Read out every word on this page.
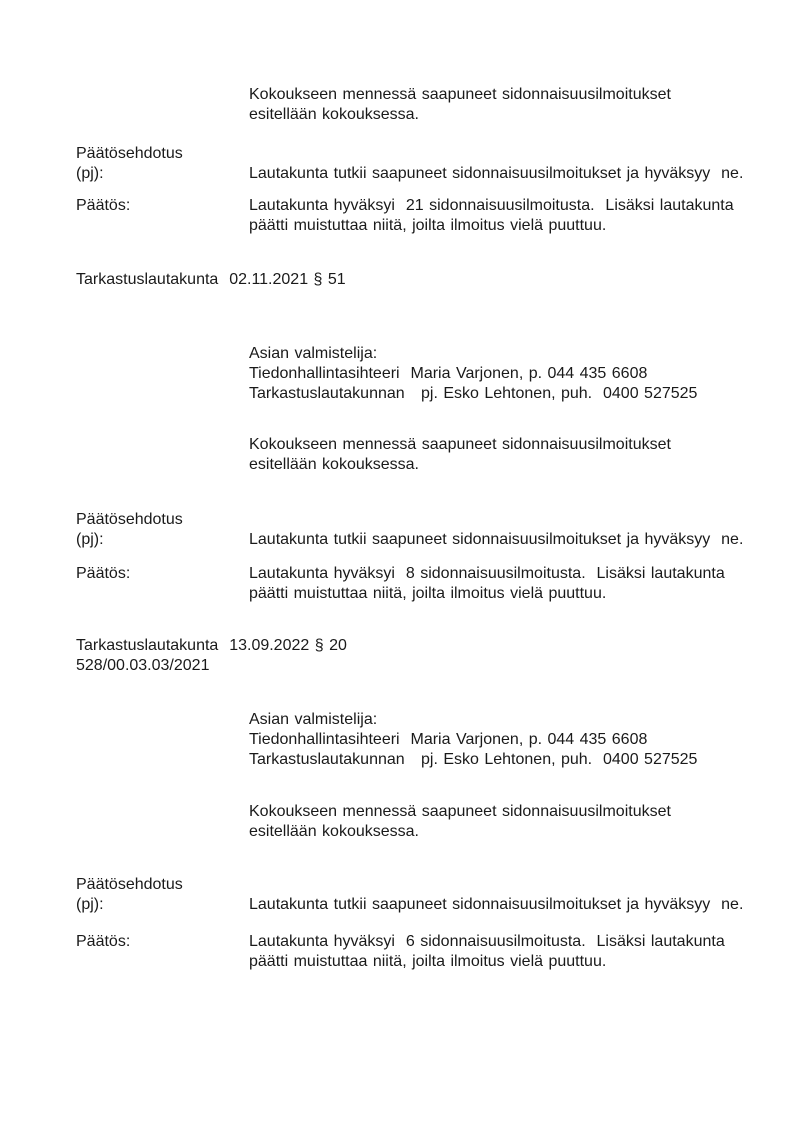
Kokoukseen mennessä saapuneet sidonnaisuusilmoitukset
esitellään kokouksessa.
Päätösehdotus
(pj):	Lautakunta tutkii saapuneet sidonnaisuusilmoitukset ja hyväksyy  ne.
Päätös:	Lautakunta hyväksyi  21 sidonnaisuusilmoitusta.  Lisäksi lautakunta
päätti muistuttaa niitä, joilta ilmoitus vielä puuttuu.
Tarkastuslautakunta  02.11.2021 § 51
Asian valmistelija:
Tiedonhallintasihteeri  Maria Varjonen, p. 044 435 6608
Tarkastuslautakunnan   pj. Esko Lehtonen, puh.  0400 527525
Kokoukseen mennessä saapuneet sidonnaisuusilmoitukset
esitellään kokouksessa.
Päätösehdotus
(pj):	Lautakunta tutkii saapuneet sidonnaisuusilmoitukset ja hyväksyy  ne.
Päätös:	Lautakunta hyväksyi  8 sidonnaisuusilmoitusta.  Lisäksi lautakunta
päätti muistuttaa niitä, joilta ilmoitus vielä puuttuu.
Tarkastuslautakunta  13.09.2022 § 20
528/00.03.03/2021
Asian valmistelija:
Tiedonhallintasihteeri  Maria Varjonen, p. 044 435 6608
Tarkastuslautakunnan   pj. Esko Lehtonen, puh.  0400 527525
Kokoukseen mennessä saapuneet sidonnaisuusilmoitukset
esitellään kokouksessa.
Päätösehdotus
(pj):	Lautakunta tutkii saapuneet sidonnaisuusilmoitukset ja hyväksyy  ne.
Päätös:	Lautakunta hyväksyi  6 sidonnaisuusilmoitusta.  Lisäksi lautakunta
päätti muistuttaa niitä, joilta ilmoitus vielä puuttuu.
